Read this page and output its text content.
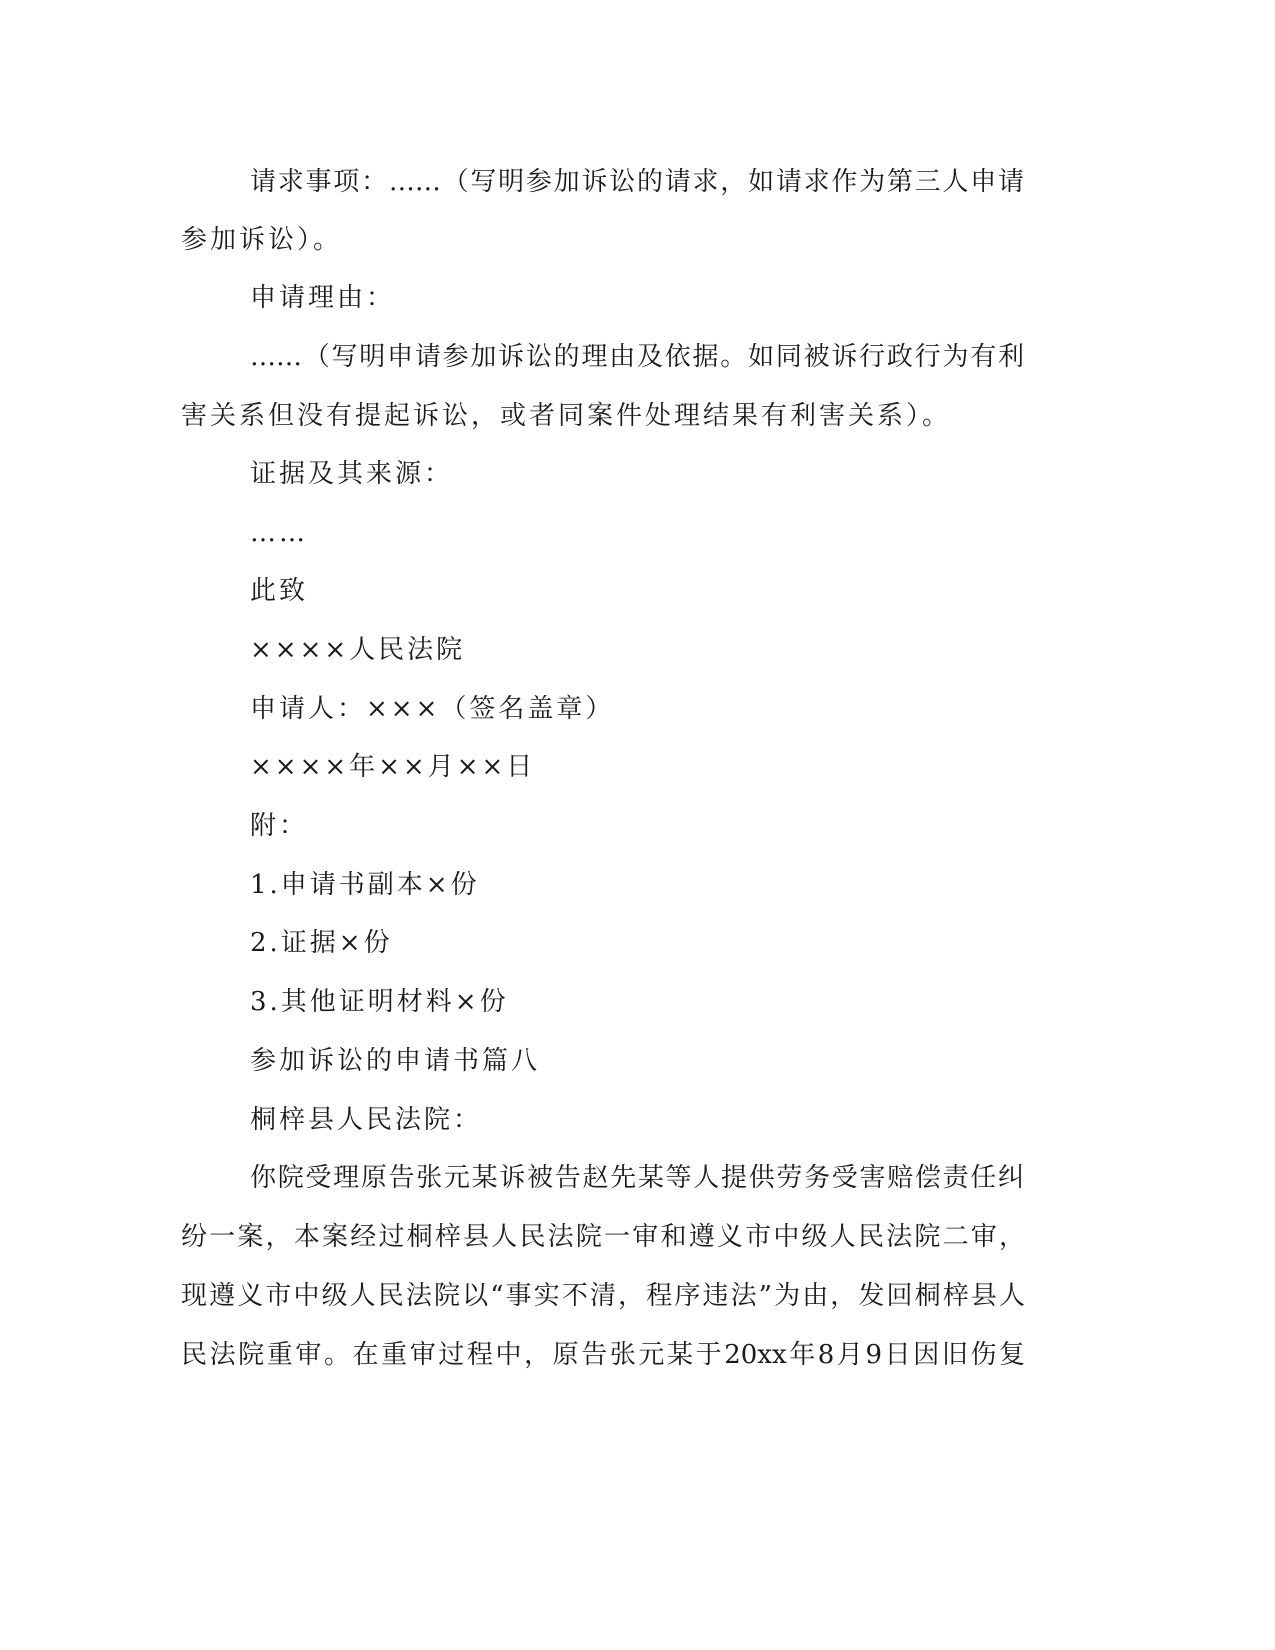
请求事项：……（写明参加诉讼的请求，如请求作为第三人申请
参加诉讼）。
申请理由：
……（写明申请参加诉讼的理由及依据。如同被诉行政行为有利
害关系但没有提起诉讼，或者同案件处理结果有利害关系）。
证据及其来源：
……
此致
××××人民法院
申请人：×××（签名盖章）
××××年××月××日
附：
1.申请书副本×份
2.证据×份
3.其他证明材料×份
参加诉讼的申请书篇八
桐梓县人民法院：
你院受理原告张元某诉被告赵先某等人提供劳务受害赔偿责任纠
纷一案，本案经过桐梓县人民法院一审和遵义市中级人民法院二审，
现遵义市中级人民法院以“事实不清，程序违法”为由，发回桐梓县人
民法院重审。在重审过程中，原告张元某于20xx年8月9日因旧伤复
